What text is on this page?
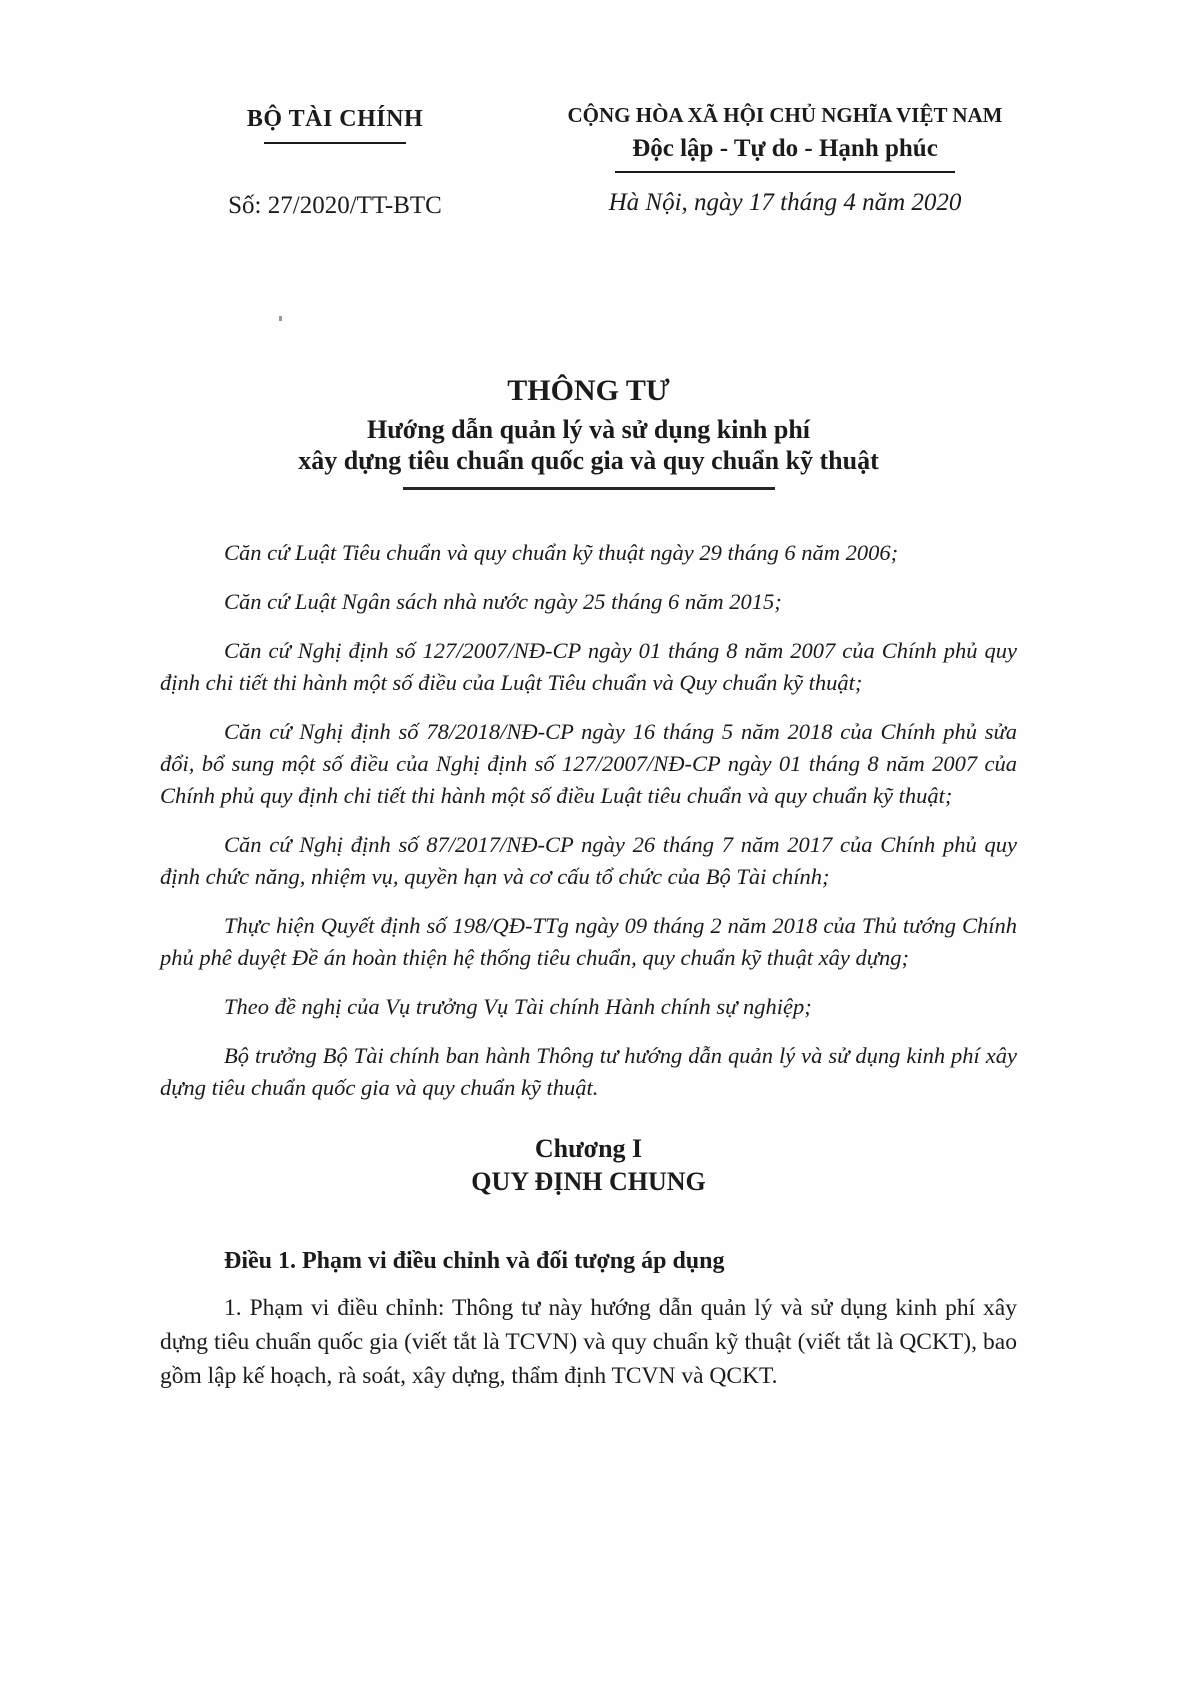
BỘ TÀI CHÍNH
Số: 27/2020/TT-BTC
CỘNG HÒA XÃ HỘI CHỦ NGHĨA VIỆT NAM
Độc lập - Tự do - Hạnh phúc
Hà Nội, ngày 17 tháng 4 năm 2020
THÔNG TƯ
Hướng dẫn quản lý và sử dụng kinh phí
xây dựng tiêu chuẩn quốc gia và quy chuẩn kỹ thuật

Căn cứ Luật Tiêu chuẩn và quy chuẩn kỹ thuật ngày 29 tháng 6 năm 2006;

Căn cứ Luật Ngân sách nhà nước ngày 25 tháng 6 năm 2015;

Căn cứ Nghị định số 127/2007/NĐ-CP ngày 01 tháng 8 năm 2007 của Chính phủ quy định chi tiết thi hành một số điều của Luật Tiêu chuẩn và Quy chuẩn kỹ thuật;

Căn cứ Nghị định số 78/2018/NĐ-CP ngày 16 tháng 5 năm 2018 của Chính phủ sửa đổi, bổ sung một số điều của Nghị định số 127/2007/NĐ-CP ngày 01 tháng 8 năm 2007 của Chính phủ quy định chi tiết thi hành một số điều Luật tiêu chuẩn và quy chuẩn kỹ thuật;

Căn cứ Nghị định số 87/2017/NĐ-CP ngày 26 tháng 7 năm 2017 của Chính phủ quy định chức năng, nhiệm vụ, quyền hạn và cơ cấu tổ chức của Bộ Tài chính;

Thực hiện Quyết định số 198/QĐ-TTg ngày 09 tháng 2 năm 2018 của Thủ tướng Chính phủ phê duyệt Đề án hoàn thiện hệ thống tiêu chuẩn, quy chuẩn kỹ thuật xây dựng;

Theo đề nghị của Vụ trưởng Vụ Tài chính Hành chính sự nghiệp;

Bộ trưởng Bộ Tài chính ban hành Thông tư hướng dẫn quản lý và sử dụng kinh phí xây dựng tiêu chuẩn quốc gia và quy chuẩn kỹ thuật.

Chương I
QUY ĐỊNH CHUNG
Điều 1. Phạm vi điều chỉnh và đối tượng áp dụng

1. Phạm vi điều chỉnh: Thông tư này hướng dẫn quản lý và sử dụng kinh phí xây dựng tiêu chuẩn quốc gia (viết tắt là TCVN) và quy chuẩn kỹ thuật (viết tắt là QCKT), bao gồm lập kế hoạch, rà soát, xây dựng, thẩm định TCVN và QCKT.
